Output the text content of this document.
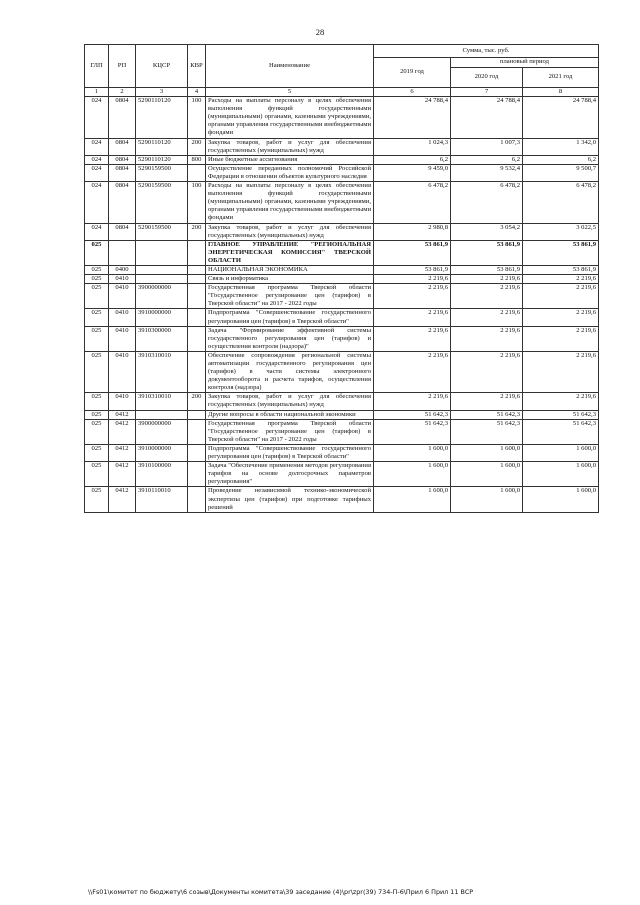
28
ГЛП	РП	КЦСР	КВР	Наименование	Сумма, тыс. руб.		
					2019 год	плановый период	
						2020 год	2021 год
1	2	3	4	5	6	7	8
024	0804	5290110120	100	Расходы на выплаты персоналу в целях обеспечения выполнения функций государственными (муниципальными) органами, казенными учреждениями, органами управления государственными внебюджетными фондами	24 788,4	24 788,4	24 788,4
024	0804	5290110120	200	Закупка товаров, работ и услуг для обеспечения государственных (муниципальных) нужд	1 024,3	1 007,3	1 342,0
024	0804	5290110120	800	Иные бюджетные ассигнования	6,2	6,2	6,2
024	0804	5290159500		Осуществление переданных полномочий Российской Федерации в отношении объектов культурного наследия	9 459,0	9 532,4	9 500,7
024	0804	5290159500	100	Расходы на выплаты персоналу в целях обеспечения выполнения функций государственными (муниципальными) органами, казенными учреждениями, органами управления государственными внебюджетными фондами	6 478,2	6 478,2	6 478,2
024	0804	5290159500	200	Закупка товаров, работ и услуг для обеспечения государственных (муниципальных) нужд	2 980,8	3 054,2	3 022,5
025				ГЛАВНОЕ УПРАВЛЕНИЕ "РЕГИОНАЛЬНАЯ ЭНЕРГЕТИЧЕСКАЯ КОМИССИЯ" ТВЕРСКОЙ ОБЛАСТИ	53 861,9	53 861,9	53 861,9
025	0400			НАЦИОНАЛЬНАЯ ЭКОНОМИКА	53 861,9	53 861,9	53 861,9
025	0410			Связь и информатика	2 219,6	2 219,6	2 219,6
025	0410	3900000000		Государственная программа Тверской области "Государственное регулирование цен (тарифов) в Тверской области" на 2017 - 2022 годы	2 219,6	2 219,6	2 219,6
025	0410	3910000000		Подпрограмма "Совершенствование государственного регулирования цен (тарифов) в Тверской области"	2 219,6	2 219,6	2 219,6
025	0410	3910300000		Задача "Формирование эффективной системы государственного регулирования цен (тарифов) и осуществления контроля (надзора)"	2 219,6	2 219,6	2 219,6
025	0410	3910310010		Обеспечение сопровождения региональной системы автоматизации государственного регулирования цен (тарифов) в части системы электронного документооборота и расчета тарифов, осуществления контроля (надзора)	2 219,6	2 219,6	2 219,6
025	0410	3910310010	200	Закупка товаров, работ и услуг для обеспечения государственных (муниципальных) нужд	2 219,6	2 219,6	2 219,6
025	0412			Другие вопросы в области национальной экономики	51 642,3	51 642,3	51 642,3
025	0412	3900000000		Государственная программа Тверской области "Государственное регулирование цен (тарифов) в Тверской области" на 2017 - 2022 годы	51 642,3	51 642,3	51 642,3
025	0412	3910000000		Подпрограмма "Совершенствование государственного регулирования цен (тарифов) в Тверской области"	1 600,0	1 600,0	1 600,0
025	0412	3910100000		Задача "Обеспечение применения методов регулирования тарифов на основе долгосрочных параметров регулирования"	1 600,0	1 600,0	1 600,0
025	0412	3910110010		Проведение независимой технико-экономической экспертизы цен (тарифов) при подготовке тарифных решений	1 600,0	1 600,0	1 600,0
\\Fs01\комитет по бюджету\6 созыв\Документы комитета\39 заседание (4)\pr\zpr(39) 734-П-6\Прил 6 Прил 11 ВСР
